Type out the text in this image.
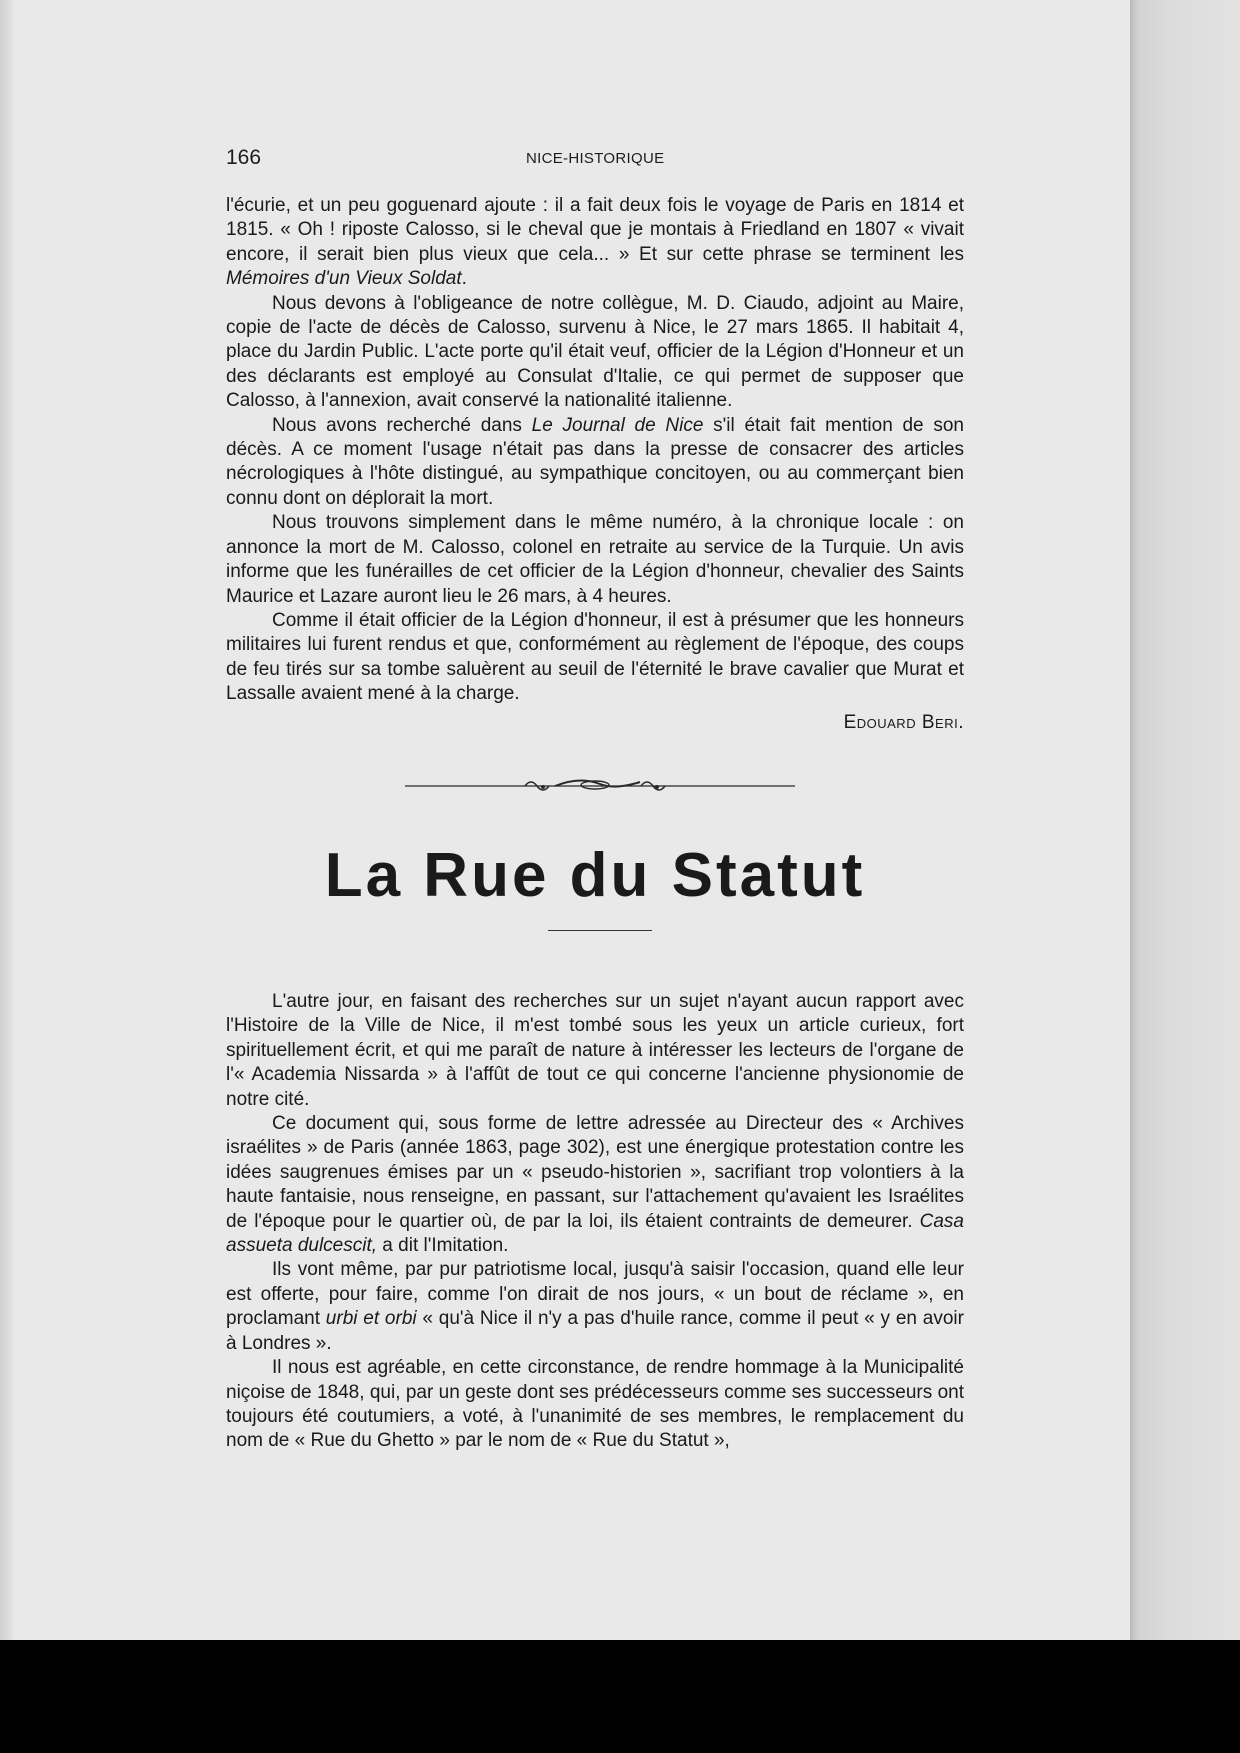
166	NICE-HISTORIQUE

l'écurie, et un peu goguenard ajoute : il a fait deux fois le voyage de Paris en 1814 et 1815. « Oh ! riposte Calosso, si le cheval que je montais à Friedland en 1807 « vivait encore, il serait bien plus vieux que cela... » Et sur cette phrase se terminent les Mémoires d'un Vieux Soldat.

Nous devons à l'obligeance de notre collègue, M. D. Ciaudo, adjoint au Maire, copie de l'acte de décès de Calosso, survenu à Nice, le 27 mars 1865. Il habitait 4, place du Jardin Public. L'acte porte qu'il était veuf, officier de la Légion d'Honneur et un des déclarants est employé au Consulat d'Italie, ce qui permet de supposer que Calosso, à l'annexion, avait conservé la nationalité italienne.

Nous avons recherché dans Le Journal de Nice s'il était fait mention de son décès. A ce moment l'usage n'était pas dans la presse de consacrer des articles nécrologiques à l'hôte distingué, au sympathique concitoyen, ou au commerçant bien connu dont on déplorait la mort.

Nous trouvons simplement dans le même numéro, à la chronique locale : on annonce la mort de M. Calosso, colonel en retraite au service de la Turquie. Un avis informe que les funérailles de cet officier de la Légion d'honneur, chevalier des Saints Maurice et Lazare auront lieu le 26 mars, à 4 heures.

Comme il était officier de la Légion d'honneur, il est à présumer que les honneurs militaires lui furent rendus et que, conformément au règlement de l'époque, des coups de feu tirés sur sa tombe saluèrent au seuil de l'éternité le brave cavalier que Murat et Lassalle avaient mené à la charge.

Edouard Beri.
La Rue du Statut

L'autre jour, en faisant des recherches sur un sujet n'ayant aucun rapport avec l'Histoire de la Ville de Nice, il m'est tombé sous les yeux un article curieux, fort spirituellement écrit, et qui me paraît de nature à intéresser les lecteurs de l'organe de l'« Academia Nissarda » à l'affût de tout ce qui concerne l'ancienne physionomie de notre cité.

Ce document qui, sous forme de lettre adressée au Directeur des « Archives israélites » de Paris (année 1863, page 302), est une énergique protestation contre les idées saugrenues émises par un « pseudo-historien », sacrifiant trop volontiers à la haute fantaisie, nous renseigne, en passant, sur l'attachement qu'avaient les Israélites de l'époque pour le quartier où, de par la loi, ils étaient contraints de demeurer. Casa assueta dulcescit, a dit l'Imitation.

Ils vont même, par pur patriotisme local, jusqu'à saisir l'occasion, quand elle leur est offerte, pour faire, comme l'on dirait de nos jours, « un bout de réclame », en proclamant urbi et orbi « qu'à Nice il n'y a pas d'huile rance, comme il peut « y en avoir à Londres ».

Il nous est agréable, en cette circonstance, de rendre hommage à la Municipalité niçoise de 1848, qui, par un geste dont ses prédécesseurs comme ses successeurs ont toujours été coutumiers, a voté, à l'unanimité de ses membres, le remplacement du nom de « Rue du Ghetto » par le nom de « Rue du Statut »,
